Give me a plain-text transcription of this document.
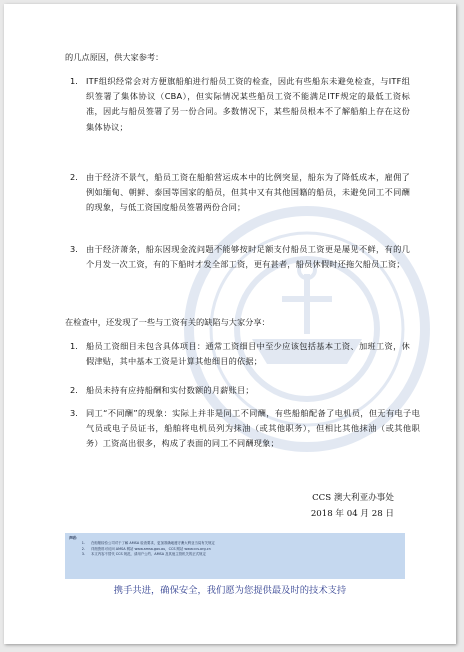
的几点原因，供大家参考：
1. ITF组织经常会对方便旗船舶进行船员工资的检查，因此有些船东未避免检查，与ITF组织签署了集体协议（CBA），但实际情况某些船员工资不能满足ITF规定的最低工资标准，因此与船员签署了另一份合同。多数情况下，某些船员根本不了解船舶上存在这份集体协议；
2. 由于经济不景气，船员工资在船舶营运成本中的比例突显，船东为了降低成本，雇佣了例如缅甸、朝鲜、泰国等国家的船员，但其中又有其他国籍的船员，未避免同工不同酬的现象，与低工资国度船员签署两份合同；
3. 由于经济萧条，船东因现金流问题不能够按时足额支付船员工资更是屡见不鲜，有的几个月发一次工资，有的下船时才发全部工资，更有甚者，船员休假时还拖欠船员工资；
在检查中，还发现了一些与工资有关的缺陷与大家分享：
1. 船员工资细目未包含具体项目：通常工资细目中至少应该包括基本工资、加班工资，休假津贴，其中基本工资是计算其他细目的依据；
2. 船员未持有应持船酬和实付数额的月薪账目；
3. 同工“不同酬”的现象：实际上并非是同工不同酬，有些船舶配备了电机员，但无有电子电气员或电子员证书，船舶将电机员列为抹油（或其他职务），但相比其他抹油（或其他职务）工资高出很多，构成了表面的同工不同酬现象；
CCS 澳大利亚办事处
2018 年 04 月 28 日
声明：
1.	在船舶检验公司对于了解 AMSA 检查要求，更加准确地遵守澳大利亚当局有关规定
2.	详细资料可访问 AMSA 网站 www.amsa.gov.au，CCS 网站 www.ccs.org.cn
3.	本文内容不替代 CCS 规范，请用户公约、AMSA 及其他主管机关的正式规定
携手共进，确保安全，我们愿为您提供最及时的技术支持
